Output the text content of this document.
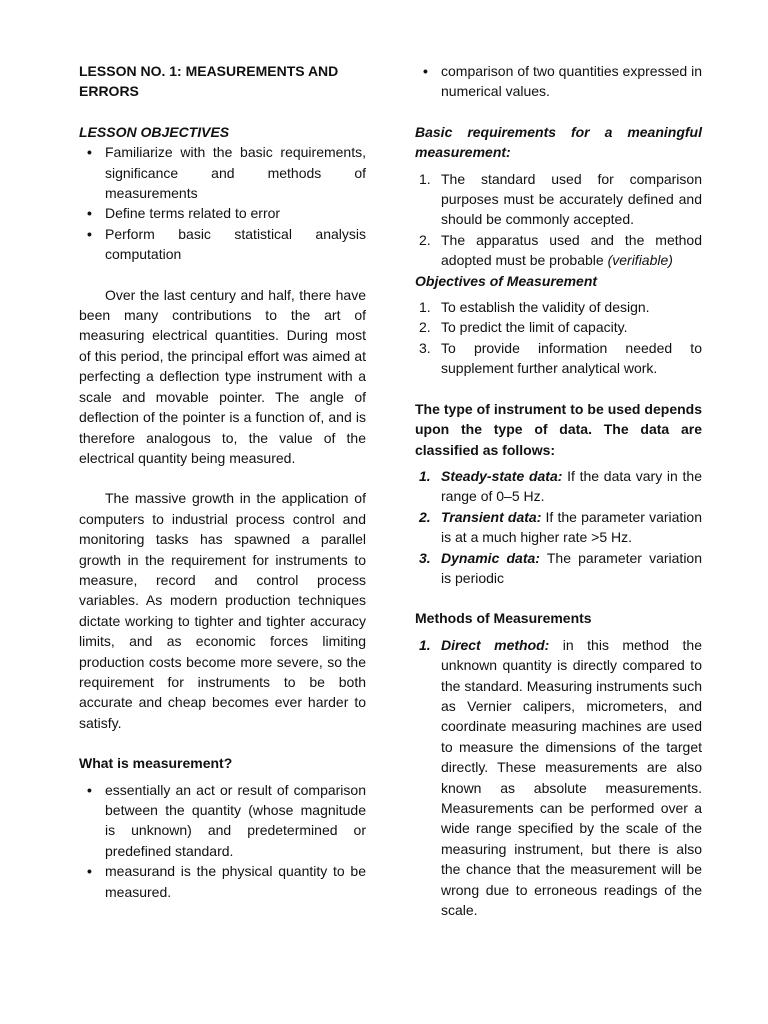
LESSON NO. 1: MEASUREMENTS AND ERRORS

LESSON OBJECTIVES

• Familiarize with the basic requirements, significance and methods of measurements
• Define terms related to error
• Perform basic statistical analysis computation

Over the last century and half, there have been many contributions to the art of measuring electrical quantities. During most of this period, the principal effort was aimed at perfecting a deflection type instrument with a scale and movable pointer. The angle of deflection of the pointer is a function of, and is therefore analogous to, the value of the electrical quantity being measured.

The massive growth in the application of computers to industrial process control and monitoring tasks has spawned a parallel growth in the requirement for instruments to measure, record and control process variables. As modern production techniques dictate working to tighter and tighter accuracy limits, and as economic forces limiting production costs become more severe, so the requirement for instruments to be both accurate and cheap becomes ever harder to satisfy.

What is measurement?

• essentially an act or result of comparison between the quantity (whose magnitude is unknown) and predetermined or predefined standard.
• measurand is the physical quantity to be measured.
• comparison of two quantities expressed in numerical values.

Basic requirements for a meaningful measurement:

1. The standard used for comparison purposes must be accurately defined and should be commonly accepted.
2. The apparatus used and the method adopted must be probable (verifiable)

Objectives of Measurement

1. To establish the validity of design.
2. To predict the limit of capacity.
3. To provide information needed to supplement further analytical work.

The type of instrument to be used depends upon the type of data. The data are classified as follows:

1. Steady-state data: If the data vary in the range of 0–5 Hz.
2. Transient data: If the parameter variation is at a much higher rate >5 Hz.
3. Dynamic data: The parameter variation is periodic

Methods of Measurements

1. Direct method: in this method the unknown quantity is directly compared to the standard. Measuring instruments such as Vernier calipers, micrometers, and coordinate measuring machines are used to measure the dimensions of the target directly. These measurements are also known as absolute measurements. Measurements can be performed over a wide range specified by the scale of the measuring instrument, but there is also the chance that the measurement will be wrong due to erroneous readings of the scale.
